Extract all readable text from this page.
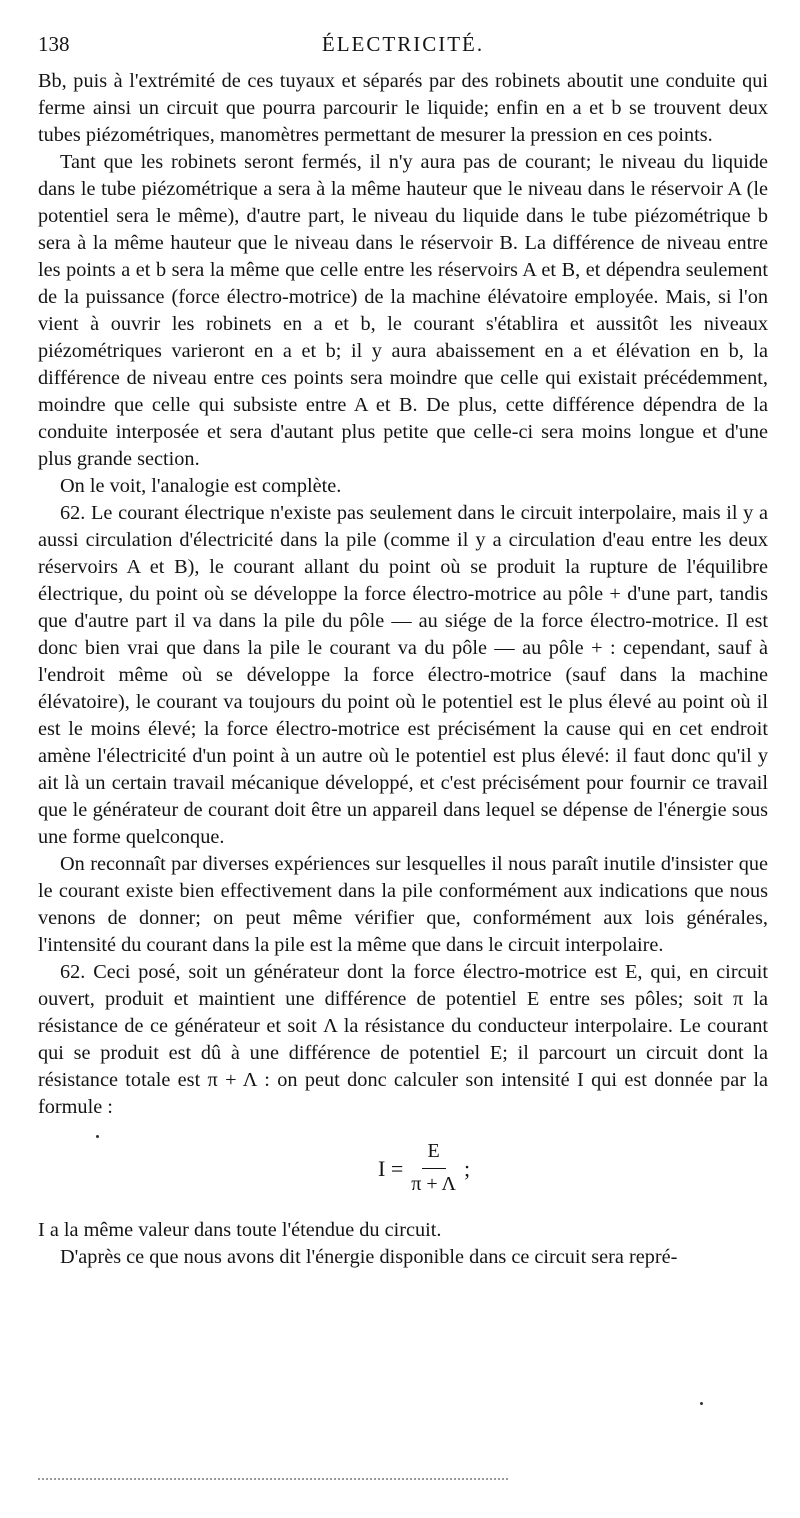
138	ÉLECTRICITÉ.

Bb, puis à l'extrémité de ces tuyaux et séparés par des robinets aboutit une conduite qui ferme ainsi un circuit que pourra parcourir le liquide; enfin en a et b se trouvent deux tubes piézométriques, manomètres permettant de mesurer la pression en ces points.

Tant que les robinets seront fermés, il n'y aura pas de courant; le niveau du liquide dans le tube piézométrique a sera à la même hauteur que le niveau dans le réservoir A (le potentiel sera le même), d'autre part, le niveau du liquide dans le tube piézométrique b sera à la même hauteur que le niveau dans le réservoir B. La différence de niveau entre les points a et b sera la même que celle entre les réservoirs A et B, et dépendra seulement de la puissance (force électro-motrice) de la machine élévatoire employée. Mais, si l'on vient à ouvrir les robinets en a et b, le courant s'établira et aussitôt les niveaux piézométriques varieront en a et b; il y aura abaissement en a et élévation en b, la différence de niveau entre ces points sera moindre que celle qui existait précédemment, moindre que celle qui subsiste entre A et B. De plus, cette différence dépendra de la conduite interposée et sera d'autant plus petite que celle-ci sera moins longue et d'une plus grande section.

On le voit, l'analogie est complète.

62. Le courant électrique n'existe pas seulement dans le circuit interpolaire, mais il y a aussi circulation d'électricité dans la pile (comme il y a circulation d'eau entre les deux réservoirs A et B), le courant allant du point où se produit la rupture de l'équilibre électrique, du point où se développe la force électro-motrice au pôle + d'une part, tandis que d'autre part il va dans la pile du pôle — au siége de la force électro-motrice. Il est donc bien vrai que dans la pile le courant va du pôle — au pôle + : cependant, sauf à l'endroit même où se développe la force électro-motrice (sauf dans la machine élévatoire), le courant va toujours du point où le potentiel est le plus élevé au point où il est le moins élevé; la force électro-motrice est précisément la cause qui en cet endroit amène l'électricité d'un point à un autre où le potentiel est plus élevé: il faut donc qu'il y ait là un certain travail mécanique développé, et c'est précisément pour fournir ce travail que le générateur de courant doit être un appareil dans lequel se dépense de l'énergie sous une forme quelconque.

On reconnaît par diverses expériences sur lesquelles il nous paraît inutile d'insister que le courant existe bien effectivement dans la pile conformément aux indications que nous venons de donner; on peut même vérifier que, conformément aux lois générales, l'intensité du courant dans la pile est la même que dans le circuit interpolaire.

62. Ceci posé, soit un générateur dont la force électro-motrice est E, qui, en circuit ouvert, produit et maintient une différence de potentiel E entre ses pôles; soit π la résistance de ce générateur et soit Λ la résistance du conducteur interpolaire. Le courant qui se produit est dû à une différence de potentiel E; il parcourt un circuit dont la résistance totale est π + Λ : on peut donc calculer son intensité I qui est donnée par la formule :

$I = \frac{E}{\pi + \Lambda}$ ;

I a la même valeur dans toute l'étendue du circuit.

D'après ce que nous avons dit l'énergie disponible dans ce circuit sera repré-
